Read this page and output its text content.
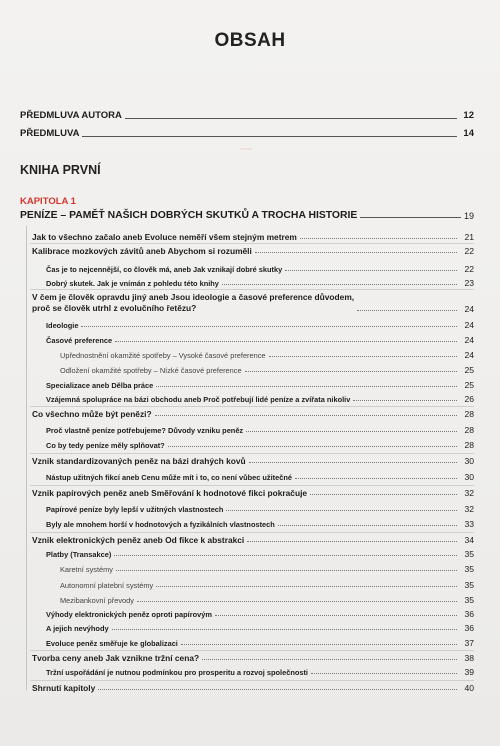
OBSAH
PŘEDMLUVA AUTORA	12
PŘEDMLUVA	14
KNIHA PRVNÍ
KAPITOLA 1
PENÍZE – PAMĚŤ NAŠICH DOBRÝCH SKUTKŮ A TROCHA HISTORIE	19
Jak to všechno začalo aneb Evoluce neměří všem stejným metrem	21
Kalibrace mozkových závitů aneb Abychom si rozuměli	22
Čas je to nejcennější, co člověk má, aneb Jak vznikají dobré skutky	22
Dobrý skutek. Jak je vnímán z pohledu této knihy	23
V čem je člověk opravdu jiný aneb Jsou ideologie a časové preference důvodem,
proč se člověk utrhl z evolučního řetězu?	24
Ideologie	24
Časové preference	24
Upřednostnění okamžité spotřeby – Vysoké časové preference	24
Odložení okamžité spotřeby – Nízké časové preference	25
Specializace aneb Dělba práce	25
Vzájemná spolupráce na bázi obchodu aneb Proč potřebují lidé peníze a zvířata nikoliv	26
Co všechno může být penězi?	28
Proč vlastně peníze potřebujeme? Důvody vzniku peněz	28
Co by tedy peníze měly splňovat?	28
Vznik standardizovaných peněz na bázi drahých kovů	30
Nástup užitných fikcí aneb Cenu může mít i to, co není vůbec užitečné	30
Vznik papírových peněz aneb Směřování k hodnotové fikci pokračuje	32
Papírové peníze byly lepší v užitných vlastnostech	32
Byly ale mnohem horší v hodnotových a fyzikálních vlastnostech	33
Vznik elektronických peněz aneb Od fikce k abstrakci	34
Platby (Transakce)	35
Karetní systémy	35
Autonomní platební systémy	35
Mezibankovní převody	35
Výhody elektronických peněz oproti papírovým	36
A jejich nevýhody	36
Evoluce peněz směřuje ke globalizaci	37
Tvorba ceny aneb Jak vznikne tržní cena?	38
Tržní uspořádání je nutnou podmínkou pro prosperitu a rozvoj společnosti	39
Shrnutí kapitoly	40
